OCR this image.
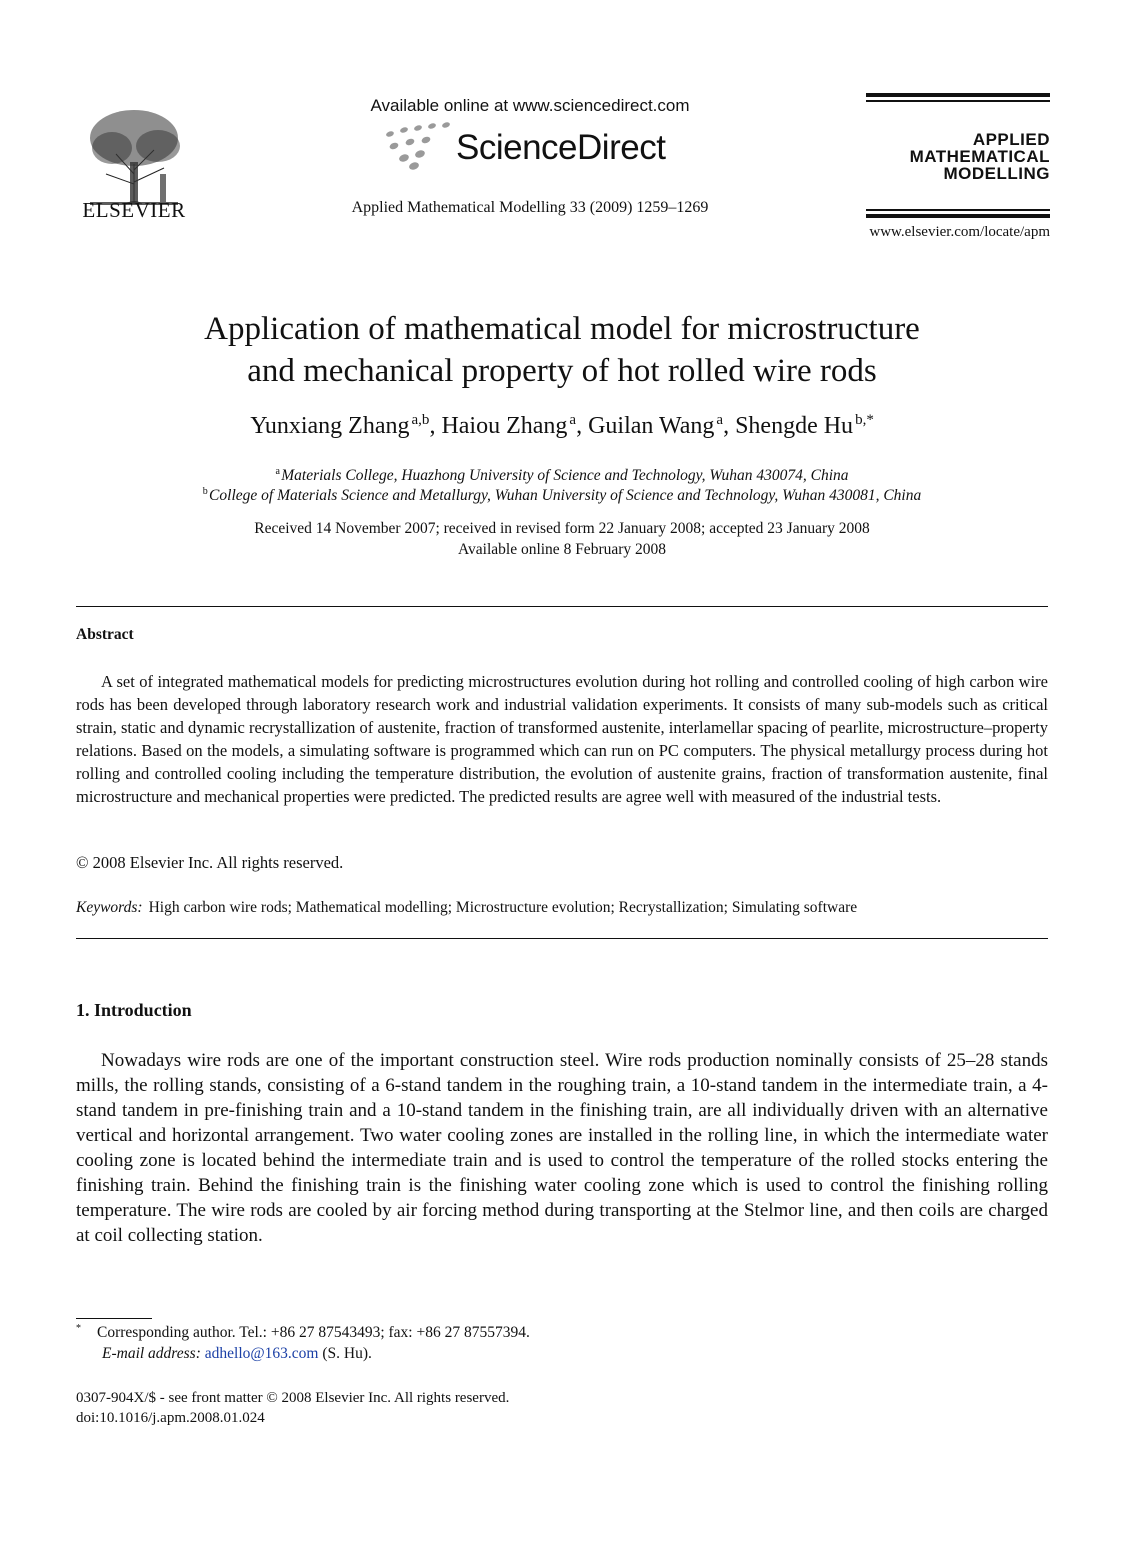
ELSEVIER
Available online at www.sciencedirect.com
ScienceDirect
Applied Mathematical Modelling 33 (2009) 1259–1269
APPLIED
MATHEMATICAL
MODELLING
www.elsevier.com/locate/apm
Application of mathematical model for microstructure
and mechanical property of hot rolled wire rods
Yunxiang Zhang  $^{a,b}$, Haiou Zhang  $^a$, Guilan Wang  $^a$, Shengde Hu  $^{b,*}$
$^a$ Materials College, Huazhong University of Science and Technology, Wuhan 430074, China
$^b$ College of Materials Science and Metallurgy, Wuhan University of Science and Technology, Wuhan 430081, China
Received 14 November 2007; received in revised form 22 January 2008; accepted 23 January 2008
Available online 8 February 2008
Abstract
A set of integrated mathematical models for predicting microstructures evolution during hot rolling and controlled cooling of high carbon wire rods has been developed through laboratory research work and industrial validation experiments. It consists of many sub-models such as critical strain, static and dynamic recrystallization of austenite, fraction of transformed austenite, interlamellar spacing of pearlite, microstructure–property relations. Based on the models, a simulating software is programmed which can run on PC computers. The physical metallurgy process during hot rolling and controlled cooling including the temperature distribution, the evolution of austenite grains, fraction of transformation austenite, final microstructure and mechanical properties were predicted. The predicted results are agree well with measured of the industrial tests.
© 2008 Elsevier Inc. All rights reserved.
Keywords: High carbon wire rods; Mathematical modelling; Microstructure evolution; Recrystallization; Simulating software
1. Introduction
Nowadays wire rods are one of the important construction steel. Wire rods production nominally consists of 25–28 stands mills, the rolling stands, consisting of a 6-stand tandem in the roughing train, a 10-stand tandem in the intermediate train, a 4-stand tandem in pre-finishing train and a 10-stand tandem in the finishing train, are all individually driven with an alternative vertical and horizontal arrangement. Two water cooling zones are installed in the rolling line, in which the intermediate water cooling zone is located behind the intermediate train and is used to control the temperature of the rolled stocks entering the finishing train. Behind the finishing train is the finishing water cooling zone which is used to control the finishing rolling temperature. The wire rods are cooled by air forcing method during transporting at the Stelmor line, and then coils are charged at coil collecting station.
* Corresponding author. Tel.: +86 27 87543493; fax: +86 27 87557394.
E-mail address: adhello@163.com (S. Hu).
0307-904X/$ - see front matter © 2008 Elsevier Inc. All rights reserved.
doi:10.1016/j.apm.2008.01.024
